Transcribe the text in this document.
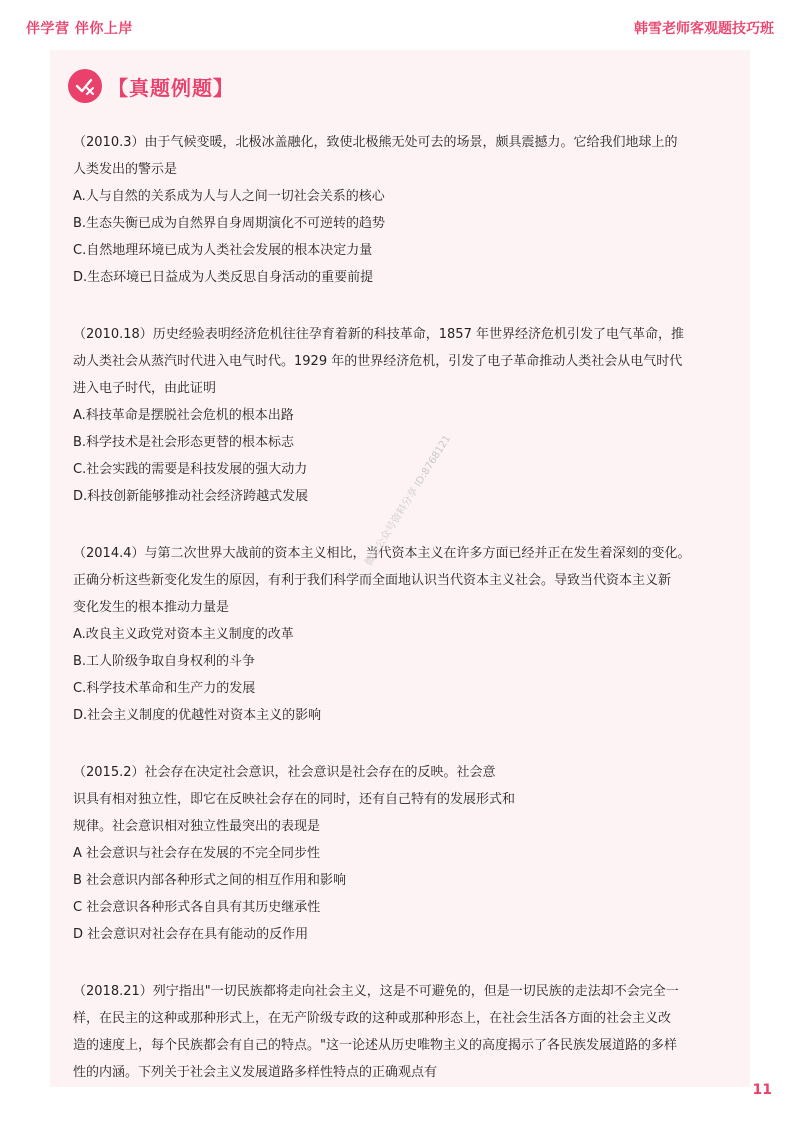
伴学营 伴你上岸	韩雪老师客观题技巧班
【真题例题】
（2010.3）由于气候变暖，北极冰盖融化，致使北极熊无处可去的场景，颇具震撼力。它给我们地球上的
人类发出的警示是
A.人与自然的关系成为人与人之间一切社会关系的核心
B.生态失衡已成为自然界自身周期演化不可逆转的趋势
C.自然地理环境已成为人类社会发展的根本决定力量
D.生态环境已日益成为人类反思自身活动的重要前提
（2010.18）历史经验表明经济危机往往孕育着新的科技革命，1857 年世界经济危机引发了电气革命，推
动人类社会从蒸汽时代进入电气时代。1929 年的世界经济危机，引发了电子革命推动人类社会从电气时代
进入电子时代，由此证明
A.科技革命是摆脱社会危机的根本出路
B.科学技术是社会形态更替的根本标志
C.社会实践的需要是科技发展的强大动力
D.科技创新能够推动社会经济跨越式发展
（2014.4）与第二次世界大战前的资本主义相比，当代资本主义在许多方面已经并正在发生着深刻的变化。
正确分析这些新变化发生的原因，有利于我们科学而全面地认识当代资本主义社会。导致当代资本主义新
变化发生的根本推动力量是
A.改良主义政党对资本主义制度的改革
B.工人阶级争取自身权利的斗争
C.科学技术革命和生产力的发展
D.社会主义制度的优越性对资本主义的影响
（2015.2）社会存在决定社会意识，社会意识是社会存在的反映。社会意
识具有相对独立性，即它在反映社会存在的同时，还有自己特有的发展形式和
规律。社会意识相对独立性最突出的表现是
A 社会意识与社会存在发展的不完全同步性
B 社会意识内部各种形式之间的相互作用和影响
C 社会意识各种形式各自具有其历史继承性
D 社会意识对社会存在具有能动的反作用
（2018.21）列宁指出"一切民族都将走向社会主义，这是不可避免的，但是一切民族的走法却不会完全一
样，在民主的这种或那种形式上，在无产阶级专政的这种或那种形态上，在社会生活各方面的社会主义改
造的速度上，每个民族都会有自己的特点。"这一论述从历史唯物主义的高度揭示了各民族发展道路的多样
性的内涵。下列关于社会主义发展道路多样性特点的正确观点有
微信公众号资料分享 ID:8768121
11
